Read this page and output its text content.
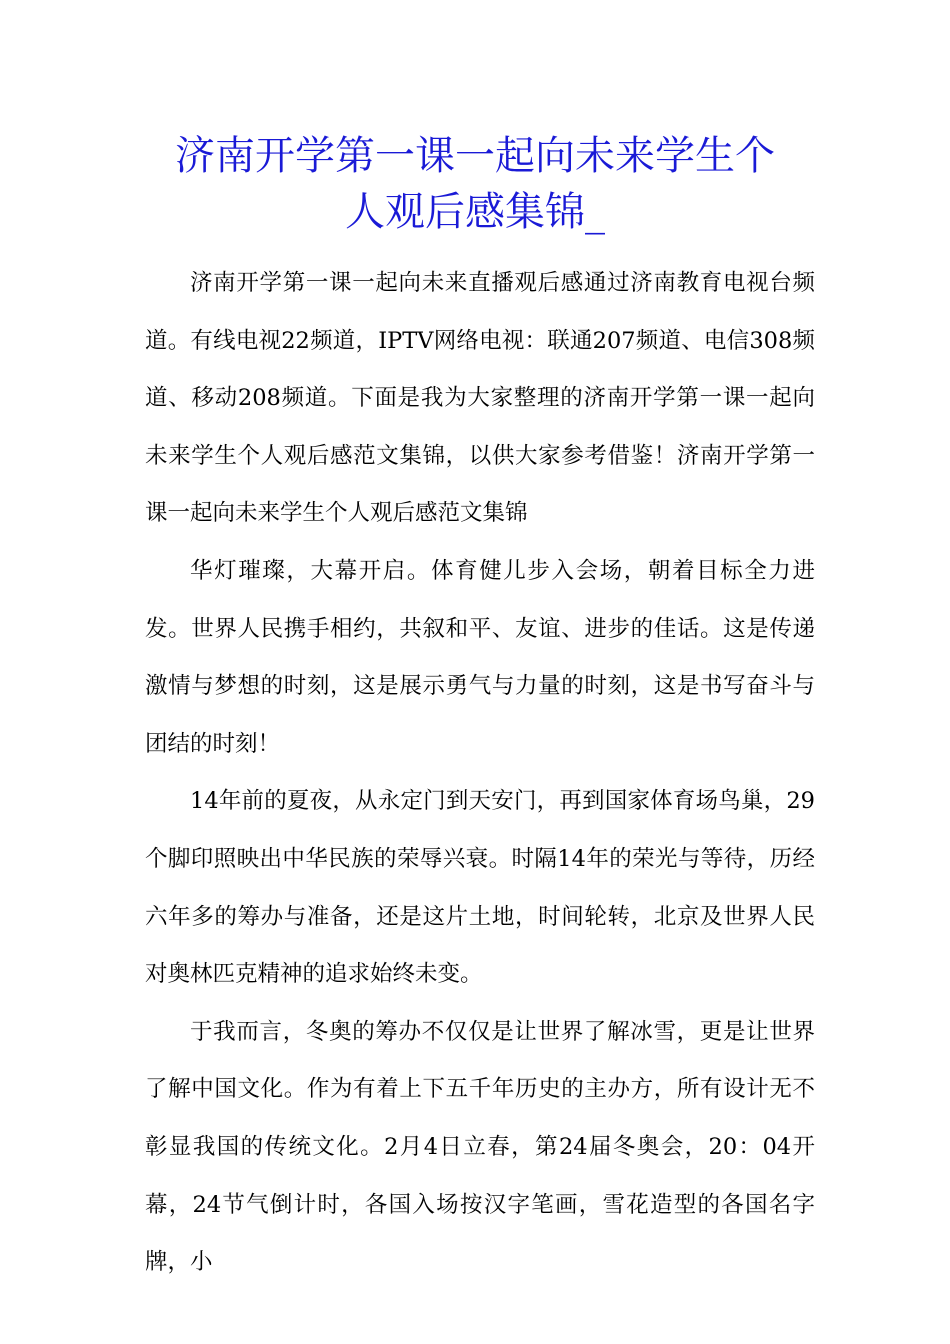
济南开学第一课一起向未来学生个
人观后感集锦_

济南开学第一课一起向未来直播观后感通过济南教育电视台频道。有线电视22频道，IPTV网络电视：联通207频道、电信308频道、移动208频道。下面是我为大家整理的济南开学第一课一起向未来学生个人观后感范文集锦，以供大家参考借鉴！济南开学第一课一起向未来学生个人观后感范文集锦

华灯璀璨，大幕开启。体育健儿步入会场，朝着目标全力进发。世界人民携手相约，共叙和平、友谊、进步的佳话。这是传递激情与梦想的时刻，这是展示勇气与力量的时刻，这是书写奋斗与团结的时刻！

14年前的夏夜，从永定门到天安门，再到国家体育场鸟巢，29个脚印照映出中华民族的荣辱兴衰。时隔14年的荣光与等待，历经六年多的筹办与准备，还是这片土地，时间轮转，北京及世界人民对奥林匹克精神的追求始终未变。

于我而言，冬奥的筹办不仅仅是让世界了解冰雪，更是让世界了解中国文化。作为有着上下五千年历史的主办方，所有设计无不彰显我国的传统文化。2月4日立春，第24届冬奥会，20：04开幕，24节气倒计时，各国入场按汉字笔画，雪花造型的各国名字牌，小
